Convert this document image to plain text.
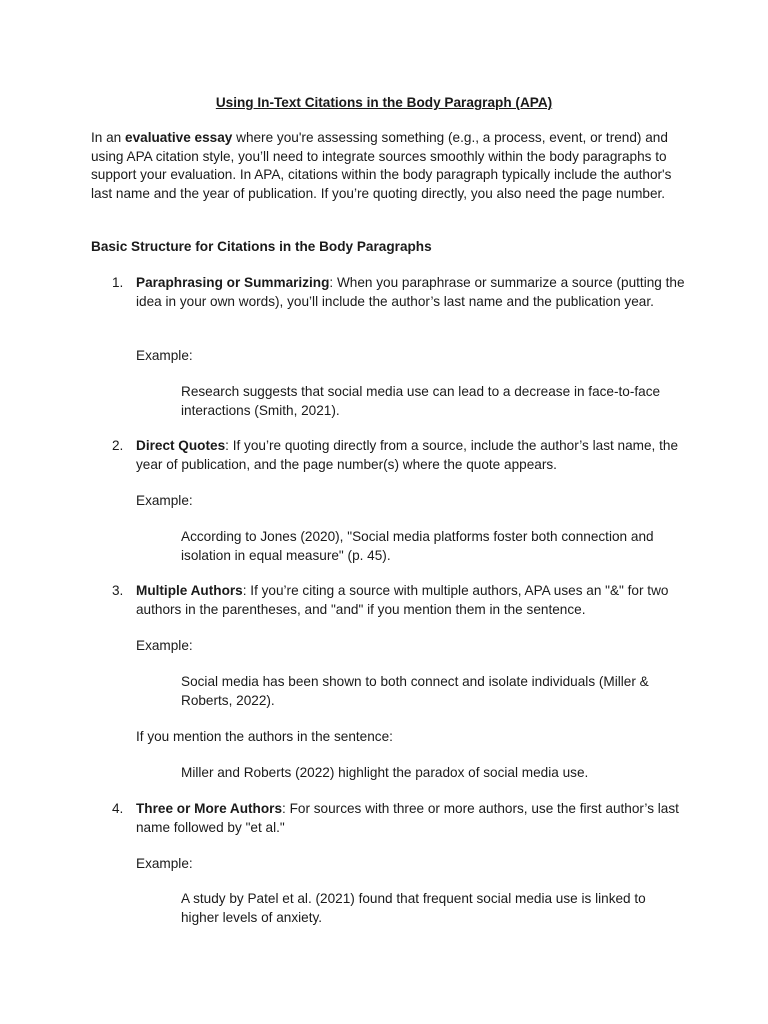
Using In-Text Citations in the Body Paragraph (APA)

In an evaluative essay where you're assessing something (e.g., a process, event, or trend) and using APA citation style, you’ll need to integrate sources smoothly within the body paragraphs to support your evaluation. In APA, citations within the body paragraph typically include the author's last name and the year of publication. If you’re quoting directly, you also need the page number.

Basic Structure for Citations in the Body Paragraphs

1. Paraphrasing or Summarizing: When you paraphrase or summarize a source (putting the idea in your own words), you’ll include the author’s last name and the publication year.

Example:

Research suggests that social media use can lead to a decrease in face-to-face interactions (Smith, 2021).

2. Direct Quotes: If you’re quoting directly from a source, include the author’s last name, the year of publication, and the page number(s) where the quote appears.

Example:

According to Jones (2020), "Social media platforms foster both connection and isolation in equal measure" (p. 45).

3. Multiple Authors: If you’re citing a source with multiple authors, APA uses an "&" for two authors in the parentheses, and "and" if you mention them in the sentence.

Example:

Social media has been shown to both connect and isolate individuals (Miller & Roberts, 2022).

If you mention the authors in the sentence:

Miller and Roberts (2022) highlight the paradox of social media use.

4. Three or More Authors: For sources with three or more authors, use the first author’s last name followed by "et al."

Example:

A study by Patel et al. (2021) found that frequent social media use is linked to higher levels of anxiety.
